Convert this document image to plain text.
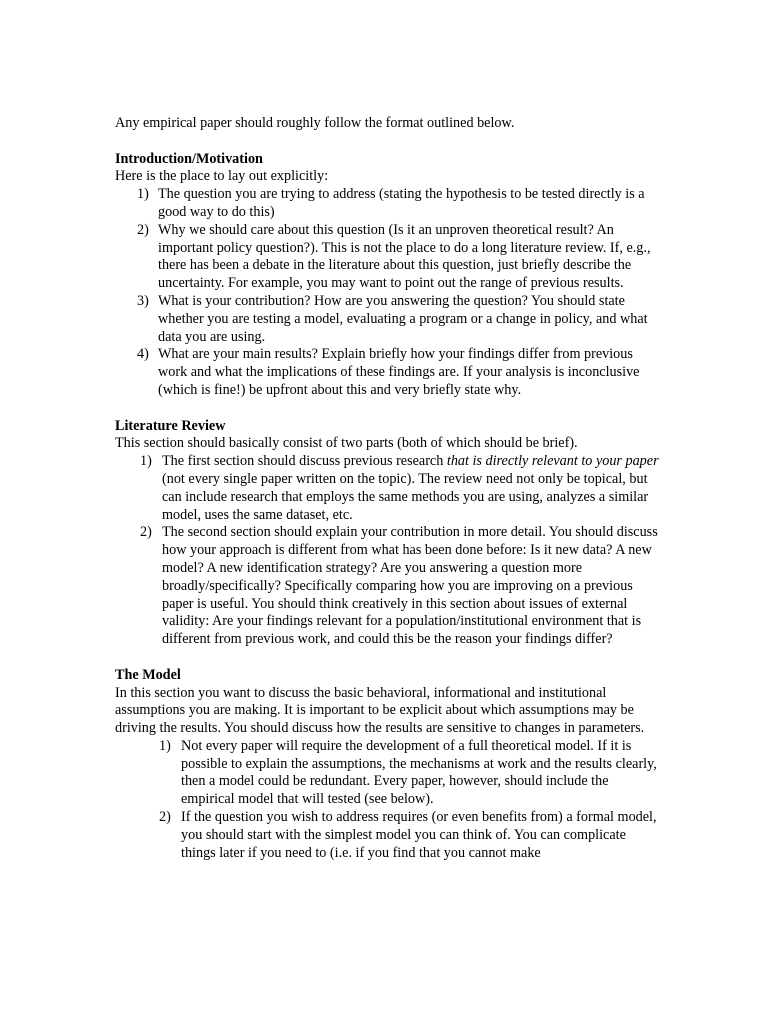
Any empirical paper should roughly follow the format outlined below.

Introduction/Motivation

Here is the place to lay out explicitly:

1) The question you are trying to address (stating the hypothesis to be tested directly is a good way to do this)
2) Why we should care about this question (Is it an unproven theoretical result? An important policy question?). This is not the place to do a long literature review. If, e.g., there has been a debate in the literature about this question, just briefly describe the uncertainty. For example, you may want to point out the range of previous results.
3) What is your contribution? How are you answering the question? You should state whether you are testing a model, evaluating a program or a change in policy, and what data you are using.
4) What are your main results? Explain briefly how your findings differ from previous work and what the implications of these findings are. If your analysis is inconclusive (which is fine!) be upfront about this and very briefly state why.

Literature Review

This section should basically consist of two parts (both of which should be brief).

1) The first section should discuss previous research that is directly relevant to your paper (not every single paper written on the topic). The review need not only be topical, but can include research that employs the same methods you are using, analyzes a similar model, uses the same dataset, etc.
2) The second section should explain your contribution in more detail. You should discuss how your approach is different from what has been done before: Is it new data? A new model? A new identification strategy? Are you answering a question more broadly/specifically? Specifically comparing how you are improving on a previous paper is useful. You should think creatively in this section about issues of external validity: Are your findings relevant for a population/institutional environment that is different from previous work, and could this be the reason your findings differ?

The Model

In this section you want to discuss the basic behavioral, informational and institutional assumptions you are making. It is important to be explicit about which assumptions may be driving the results. You should discuss how the results are sensitive to changes in parameters.

1) Not every paper will require the development of a full theoretical model. If it is possible to explain the assumptions, the mechanisms at work and the results clearly, then a model could be redundant. Every paper, however, should include the empirical model that will tested (see below).
2) If the question you wish to address requires (or even benefits from) a formal model, you should start with the simplest model you can think of. You can complicate things later if you need to (i.e. if you find that you cannot make
